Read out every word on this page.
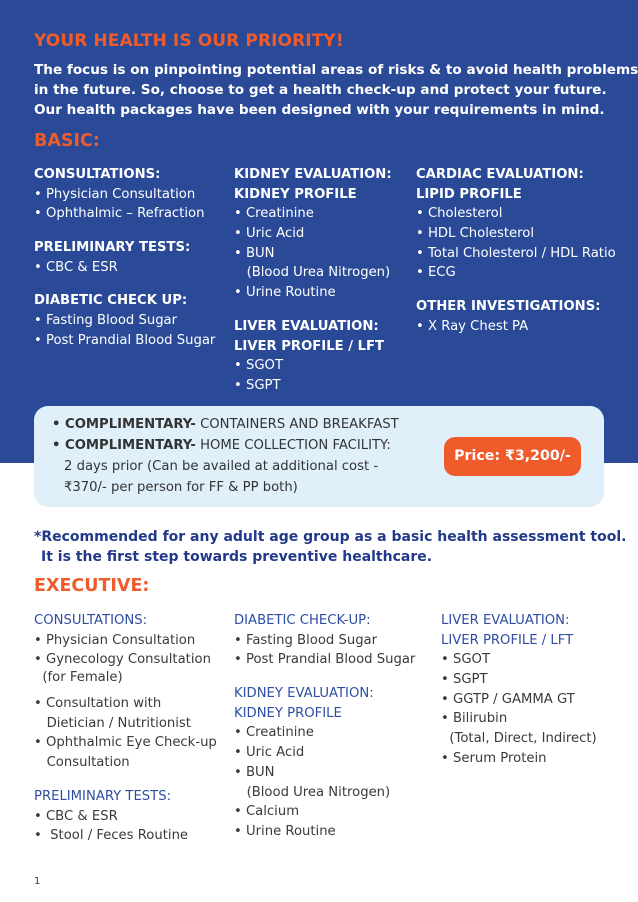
YOUR HEALTH IS OUR PRIORITY!
The focus is on pinpointing potential areas of risks & to avoid health problems
in the future. So, choose to get a health check-up and protect your future.
Our health packages have been designed with your requirements in mind.
BASIC:
CONSULTATIONS:
• Physician Consultation
• Ophthalmic – Refraction
PRELIMINARY TESTS:
• CBC & ESR
DIABETIC CHECK UP:
• Fasting Blood Sugar
• Post Prandial Blood Sugar
KIDNEY EVALUATION:
KIDNEY PROFILE
• Creatinine
• Uric Acid
• BUN
(Blood Urea Nitrogen)
• Urine Routine
LIVER EVALUATION:
LIVER PROFILE / LFT
• SGOT
• SGPT
CARDIAC EVALUATION:
LIPID PROFILE
• Cholesterol
• HDL Cholesterol
• Total Cholesterol / HDL Ratio
• ECG
OTHER INVESTIGATIONS:
• X Ray Chest PA
• COMPLIMENTARY- CONTAINERS AND BREAKFAST
• COMPLIMENTARY- HOME COLLECTION FACILITY:
2 days prior (Can be availed at additional cost -
₹370/- per person for FF & PP both)
Price: ₹3,200/-
*Recommended for any adult age group as a basic health assessment tool.
It is the first step towards preventive healthcare.
EXECUTIVE:
CONSULTATIONS:
• Physician Consultation
• Gynecology Consultation
(for Female)
• Consultation with
Dietician / Nutritionist
• Ophthalmic Eye Check-up
Consultation
PRELIMINARY TESTS:
• CBC & ESR
•  Stool / Feces Routine
DIABETIC CHECK-UP:
• Fasting Blood Sugar
• Post Prandial Blood Sugar
KIDNEY EVALUATION:
KIDNEY PROFILE
• Creatinine
• Uric Acid
• BUN
(Blood Urea Nitrogen)
• Calcium
• Urine Routine
LIVER EVALUATION:
LIVER PROFILE / LFT
• SGOT
• SGPT
• GGTP / GAMMA GT
• Bilirubin
(Total, Direct, Indirect)
• Serum Protein
1
